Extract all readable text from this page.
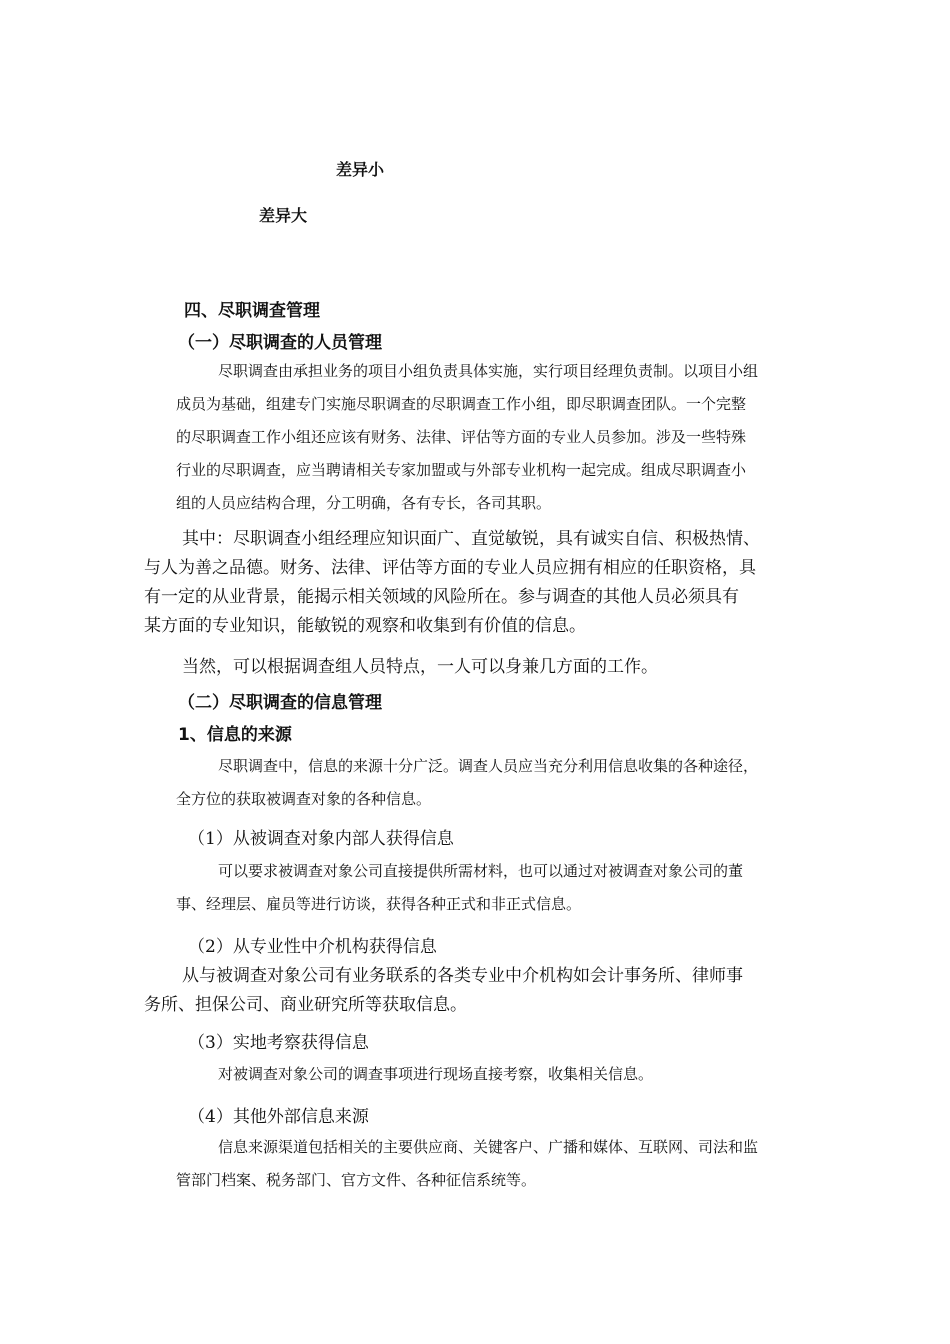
差异小
差异大
四、尽职调查管理
（一）尽职调查的人员管理
尽职调查由承担业务的项目小组负责具体实施，实行项目经理负责制。以项目小组
成员为基础，组建专门实施尽职调查的尽职调查工作小组，即尽职调查团队。一个完整
的尽职调查工作小组还应该有财务、法律、评估等方面的专业人员参加。涉及一些特殊
行业的尽职调查，应当聘请相关专家加盟或与外部专业机构一起完成。组成尽职调查小
组的人员应结构合理，分工明确，各有专长，各司其职。
其中：尽职调查小组经理应知识面广、直觉敏锐，具有诚实自信、积极热情、
与人为善之品德。财务、法律、评估等方面的专业人员应拥有相应的任职资格，具
有一定的从业背景，能揭示相关领域的风险所在。参与调查的其他人员必须具有
某方面的专业知识，能敏锐的观察和收集到有价值的信息。
当然，可以根据调查组人员特点，一人可以身兼几方面的工作。
（二）尽职调查的信息管理
1、信息的来源
尽职调查中，信息的来源十分广泛。调查人员应当充分利用信息收集的各种途径，
全方位的获取被调查对象的各种信息。
（1）从被调查对象内部人获得信息
可以要求被调查对象公司直接提供所需材料，也可以通过对被调查对象公司的董
事、经理层、雇员等进行访谈，获得各种正式和非正式信息。
（2）从专业性中介机构获得信息
从与被调查对象公司有业务联系的各类专业中介机构如会计事务所、律师事
务所、担保公司、商业研究所等获取信息。
（3）实地考察获得信息
对被调查对象公司的调查事项进行现场直接考察，收集相关信息。
（4）其他外部信息来源
信息来源渠道包括相关的主要供应商、关键客户、广播和媒体、互联网、司法和监
管部门档案、税务部门、官方文件、各种征信系统等。
